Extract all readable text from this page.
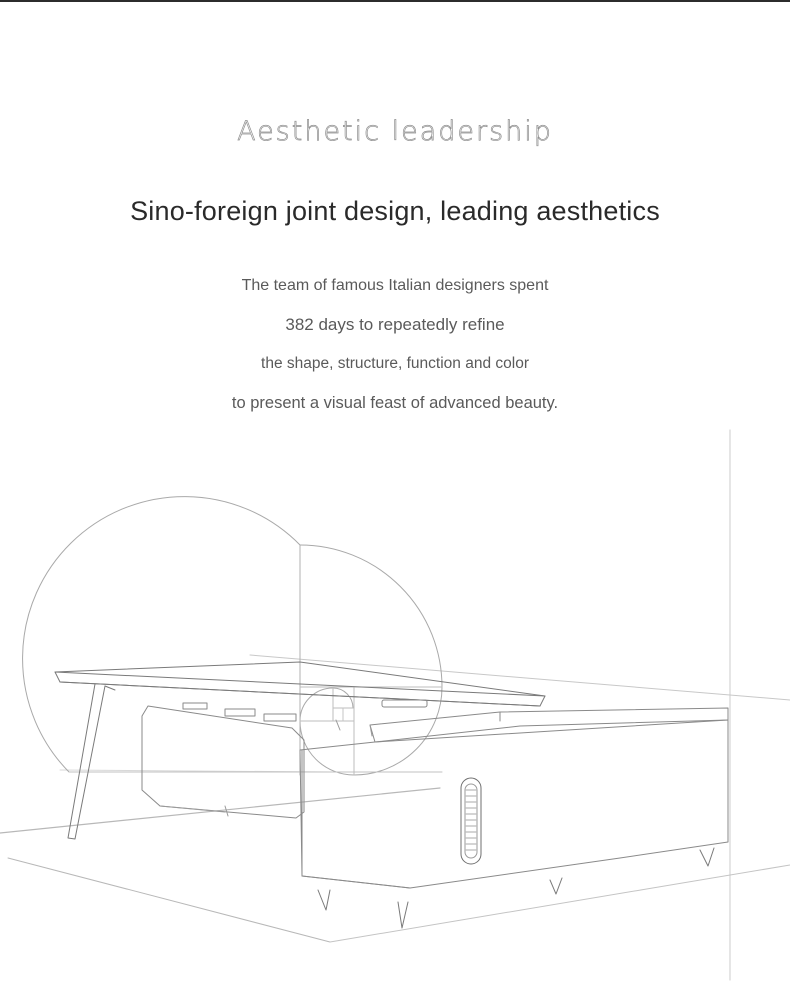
Aesthetic leadership
Sino-foreign joint design, leading aesthetics
The team of famous Italian designers spent
382 days to repeatedly refine
the shape, structure, function and color
to present a visual feast of advanced beauty.
